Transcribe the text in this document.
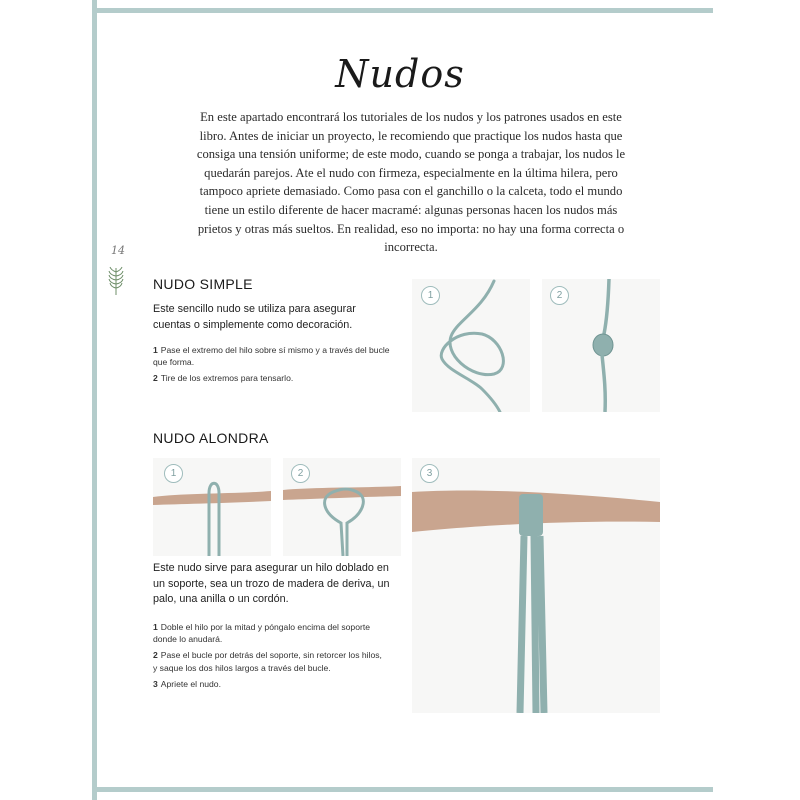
Nudos
En este apartado encontrará los tutoriales de los nudos y los patrones usados en este libro. Antes de iniciar un proyecto, le recomiendo que practique los nudos hasta que consiga una tensión uniforme; de este modo, cuando se ponga a trabajar, los nudos le quedarán parejos. Ate el nudo con firmeza, especialmente en la última hilera, pero tampoco apriete demasiado. Como pasa con el ganchillo o la calceta, todo el mundo tiene un estilo diferente de hacer macramé: algunas personas hacen los nudos más prietos y otras más sueltos. En realidad, eso no importa: no hay una forma correcta o incorrecta.
14
NUDO SIMPLE
Este sencillo nudo se utiliza para asegurar cuentas o simplemente como decoración.
1 Pase el extremo del hilo sobre sí mismo y a través del bucle que forma.
2 Tire de los extremos para tensarlo.
1	2
NUDO ALONDRA
1	2	3
Este nudo sirve para asegurar un hilo doblado en un soporte, sea un trozo de madera de deriva, un palo, una anilla o un cordón.
1 Doble el hilo por la mitad y póngalo encima del soporte donde lo anudará.
2 Pase el bucle por detrás del soporte, sin retorcer los hilos, y saque los dos hilos largos a través del bucle.
3 Apriete el nudo.
